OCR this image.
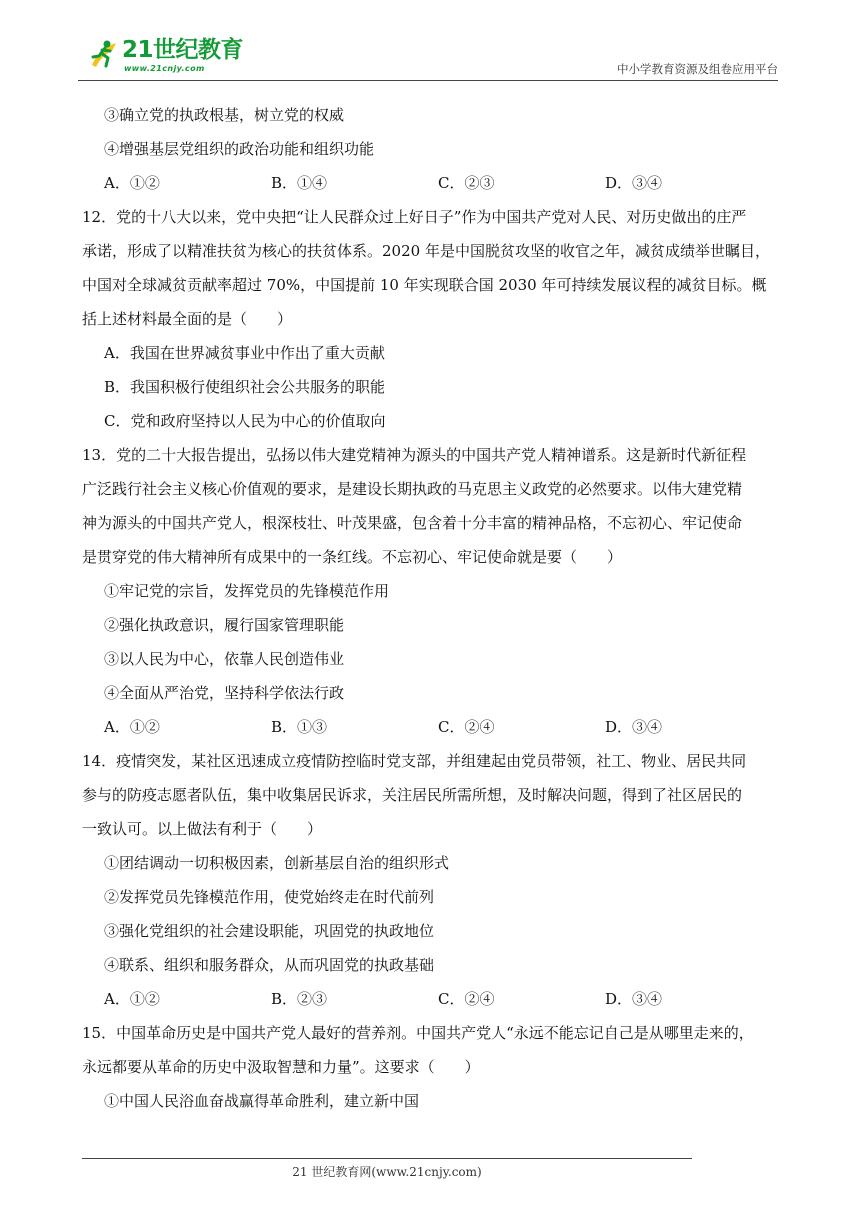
21世纪教育
www.21cnjy.com	中小学教育资源及组卷应用平台
③确立党的执政根基，树立党的权威
④增强基层党组织的政治功能和组织功能
A．①②	B．①④	C．②③	D．③④
12．党的十八大以来，党中央把“让人民群众过上好日子”作为中国共产党对人民、对历史做出的庄严
承诺，形成了以精准扶贫为核心的扶贫体系。2020 年是中国脱贫攻坚的收官之年，减贫成绩举世瞩目，
中国对全球减贫贡献率超过 70%，中国提前 10 年实现联合国 2030 年可持续发展议程的减贫目标。概
括上述材料最全面的是（　　）
A．我国在世界减贫事业中作出了重大贡献
B．我国积极行使组织社会公共服务的职能
C．党和政府坚持以人民为中心的价值取向
13．党的二十大报告提出，弘扬以伟大建党精神为源头的中国共产党人精神谱系。这是新时代新征程
广泛践行社会主义核心价值观的要求，是建设长期执政的马克思主义政党的必然要求。以伟大建党精
神为源头的中国共产党人，根深枝壮、叶茂果盛，包含着十分丰富的精神品格，不忘初心、牢记使命
是贯穿党的伟大精神所有成果中的一条红线。不忘初心、牢记使命就是要（　　）
①牢记党的宗旨，发挥党员的先锋模范作用
②强化执政意识，履行国家管理职能
③以人民为中心，依靠人民创造伟业
④全面从严治党，坚持科学依法行政
A．①②	B．①③	C．②④	D．③④
14．疫情突发，某社区迅速成立疫情防控临时党支部，并组建起由党员带领，社工、物业、居民共同
参与的防疫志愿者队伍，集中收集居民诉求，关注居民所需所想，及时解决问题，得到了社区居民的
一致认可。以上做法有利于（　　）
①团结调动一切积极因素，创新基层自治的组织形式
②发挥党员先锋模范作用，使党始终走在时代前列
③强化党组织的社会建设职能，巩固党的执政地位
④联系、组织和服务群众，从而巩固党的执政基础
A．①②	B．②③	C．②④	D．③④
15．中国革命历史是中国共产党人最好的营养剂。中国共产党人“永远不能忘记自己是从哪里走来的，
永远都要从革命的历史中汲取智慧和力量”。这要求（　　）
①中国人民浴血奋战赢得革命胜利，建立新中国
21 世纪教育网(www.21cnjy.com)
